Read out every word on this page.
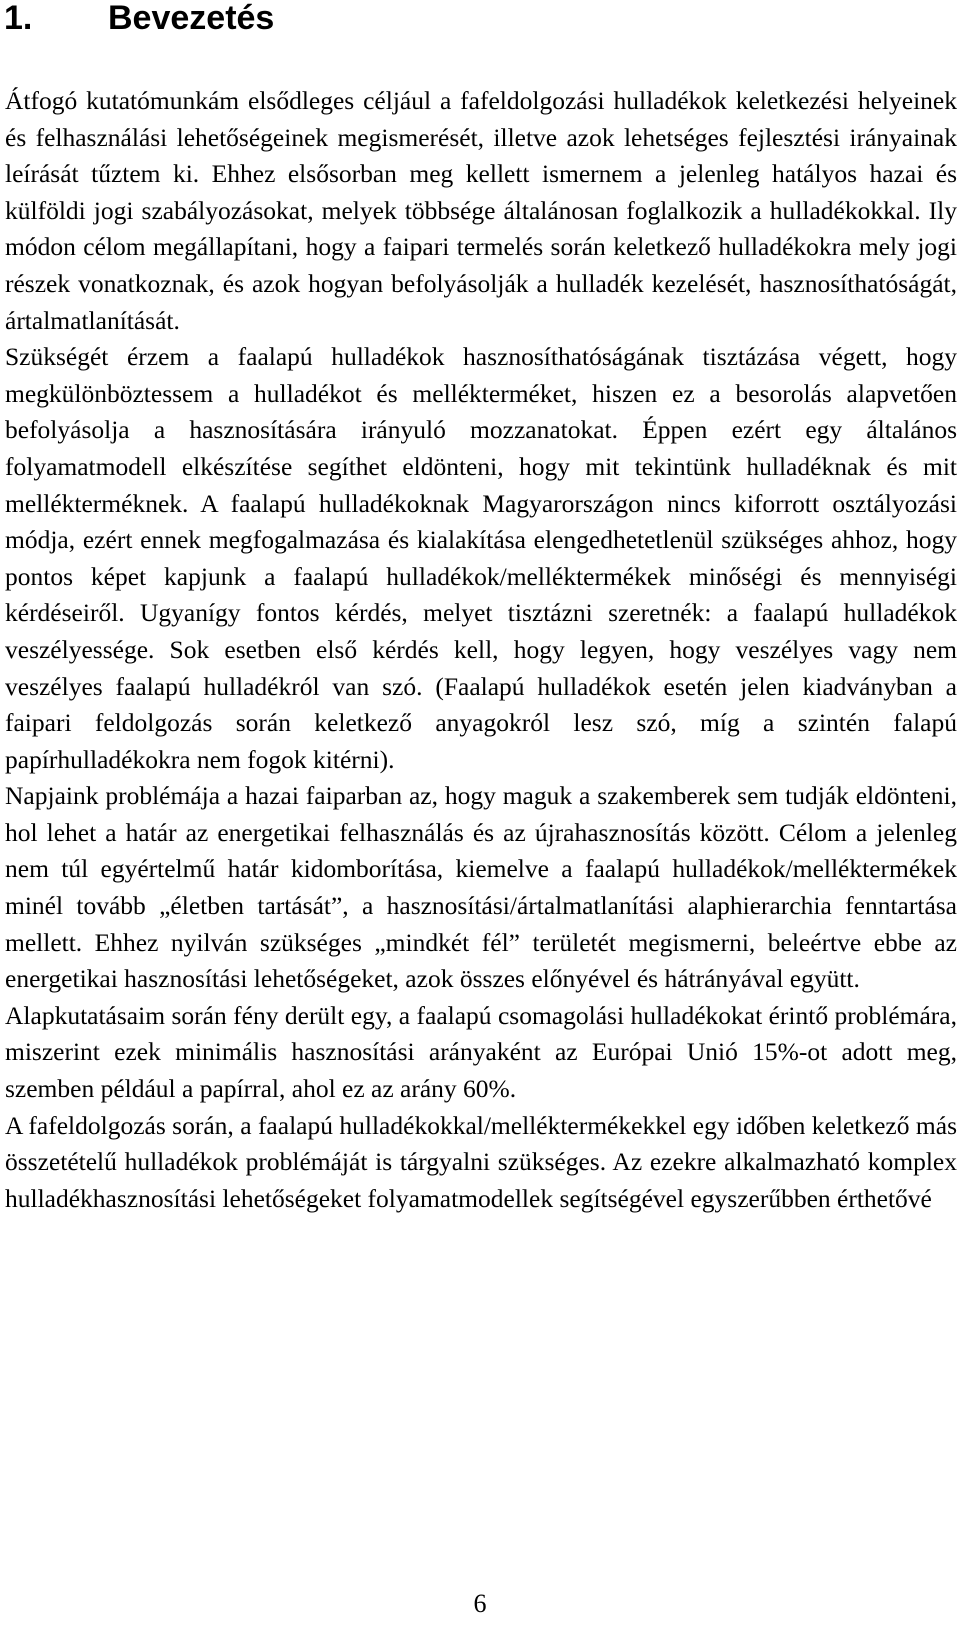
1. Bevezetés

Átfogó kutatómunkám elsődleges céljául a fafeldolgozási hulladékok keletkezési helyeinek és felhasználási lehetőségeinek megismerését, illetve azok lehetséges fejlesztési irányainak leírását tűztem ki. Ehhez elsősorban meg kellett ismernem a jelenleg hatályos hazai és külföldi jogi szabályozásokat, melyek többsége általánosan foglalkozik a hulladékokkal. Ily módon célom megállapítani, hogy a faipari termelés során keletkező hulladékokra mely jogi részek vonatkoznak, és azok hogyan befolyásolják a hulladék kezelését, hasznosíthatóságát, ártalmatlanítását.

Szükségét érzem a faalapú hulladékok hasznosíthatóságának tisztázása végett, hogy megkülönböztessem a hulladékot és mellékterméket, hiszen ez a besorolás alapvetően befolyásolja a hasznosítására irányuló mozzanatokat. Éppen ezért egy általános folyamatmodell elkészítése segíthet eldönteni, hogy mit tekintünk hulladéknak és mit mellékterméknek. A faalapú hulladékoknak Magyarországon nincs kiforrott osztályozási módja, ezért ennek megfogalmazása és kialakítása elengedhetetlenül szükséges ahhoz, hogy pontos képet kapjunk a faalapú hulladékok/melléktermékek minőségi és mennyiségi kérdéseiről. Ugyanígy fontos kérdés, melyet tisztázni szeretnék: a faalapú hulladékok veszélyessége. Sok esetben első kérdés kell, hogy legyen, hogy veszélyes vagy nem veszélyes faalapú hulladékról van szó. (Faalapú hulladékok esetén jelen kiadványban a faipari feldolgozás során keletkező anyagokról lesz szó, míg a szintén falapú papírhulladékokra nem fogok kitérni).

Napjaink problémája a hazai faiparban az, hogy maguk a szakemberek sem tudják eldönteni, hol lehet a határ az energetikai felhasználás és az újrahasznosítás között. Célom a jelenleg nem túl egyértelmű határ kidomborítása, kiemelve a faalapú hulladékok/melléktermékek minél tovább „életben tartását”, a hasznosítási/ártalmatlanítási alaphierarchia fenntartása mellett. Ehhez nyilván szükséges „mindkét fél” területét megismerni, beleértve ebbe az energetikai hasznosítási lehetőségeket, azok összes előnyével és hátrányával együtt.

Alapkutatásaim során fény derült egy, a faalapú csomagolási hulladékokat érintő problémára, miszerint ezek minimális hasznosítási arányaként az Európai Unió 15%-ot adott meg, szemben például a papírral, ahol ez az arány 60%.

A fafeldolgozás során, a faalapú hulladékokkal/melléktermékekkel egy időben keletkező más összetételű hulladékok problémáját is tárgyalni szükséges. Az ezekre alkalmazható komplex hulladékhasznosítási lehetőségeket folyamatmodellek segítségével egyszerűbben érthetővé

6
